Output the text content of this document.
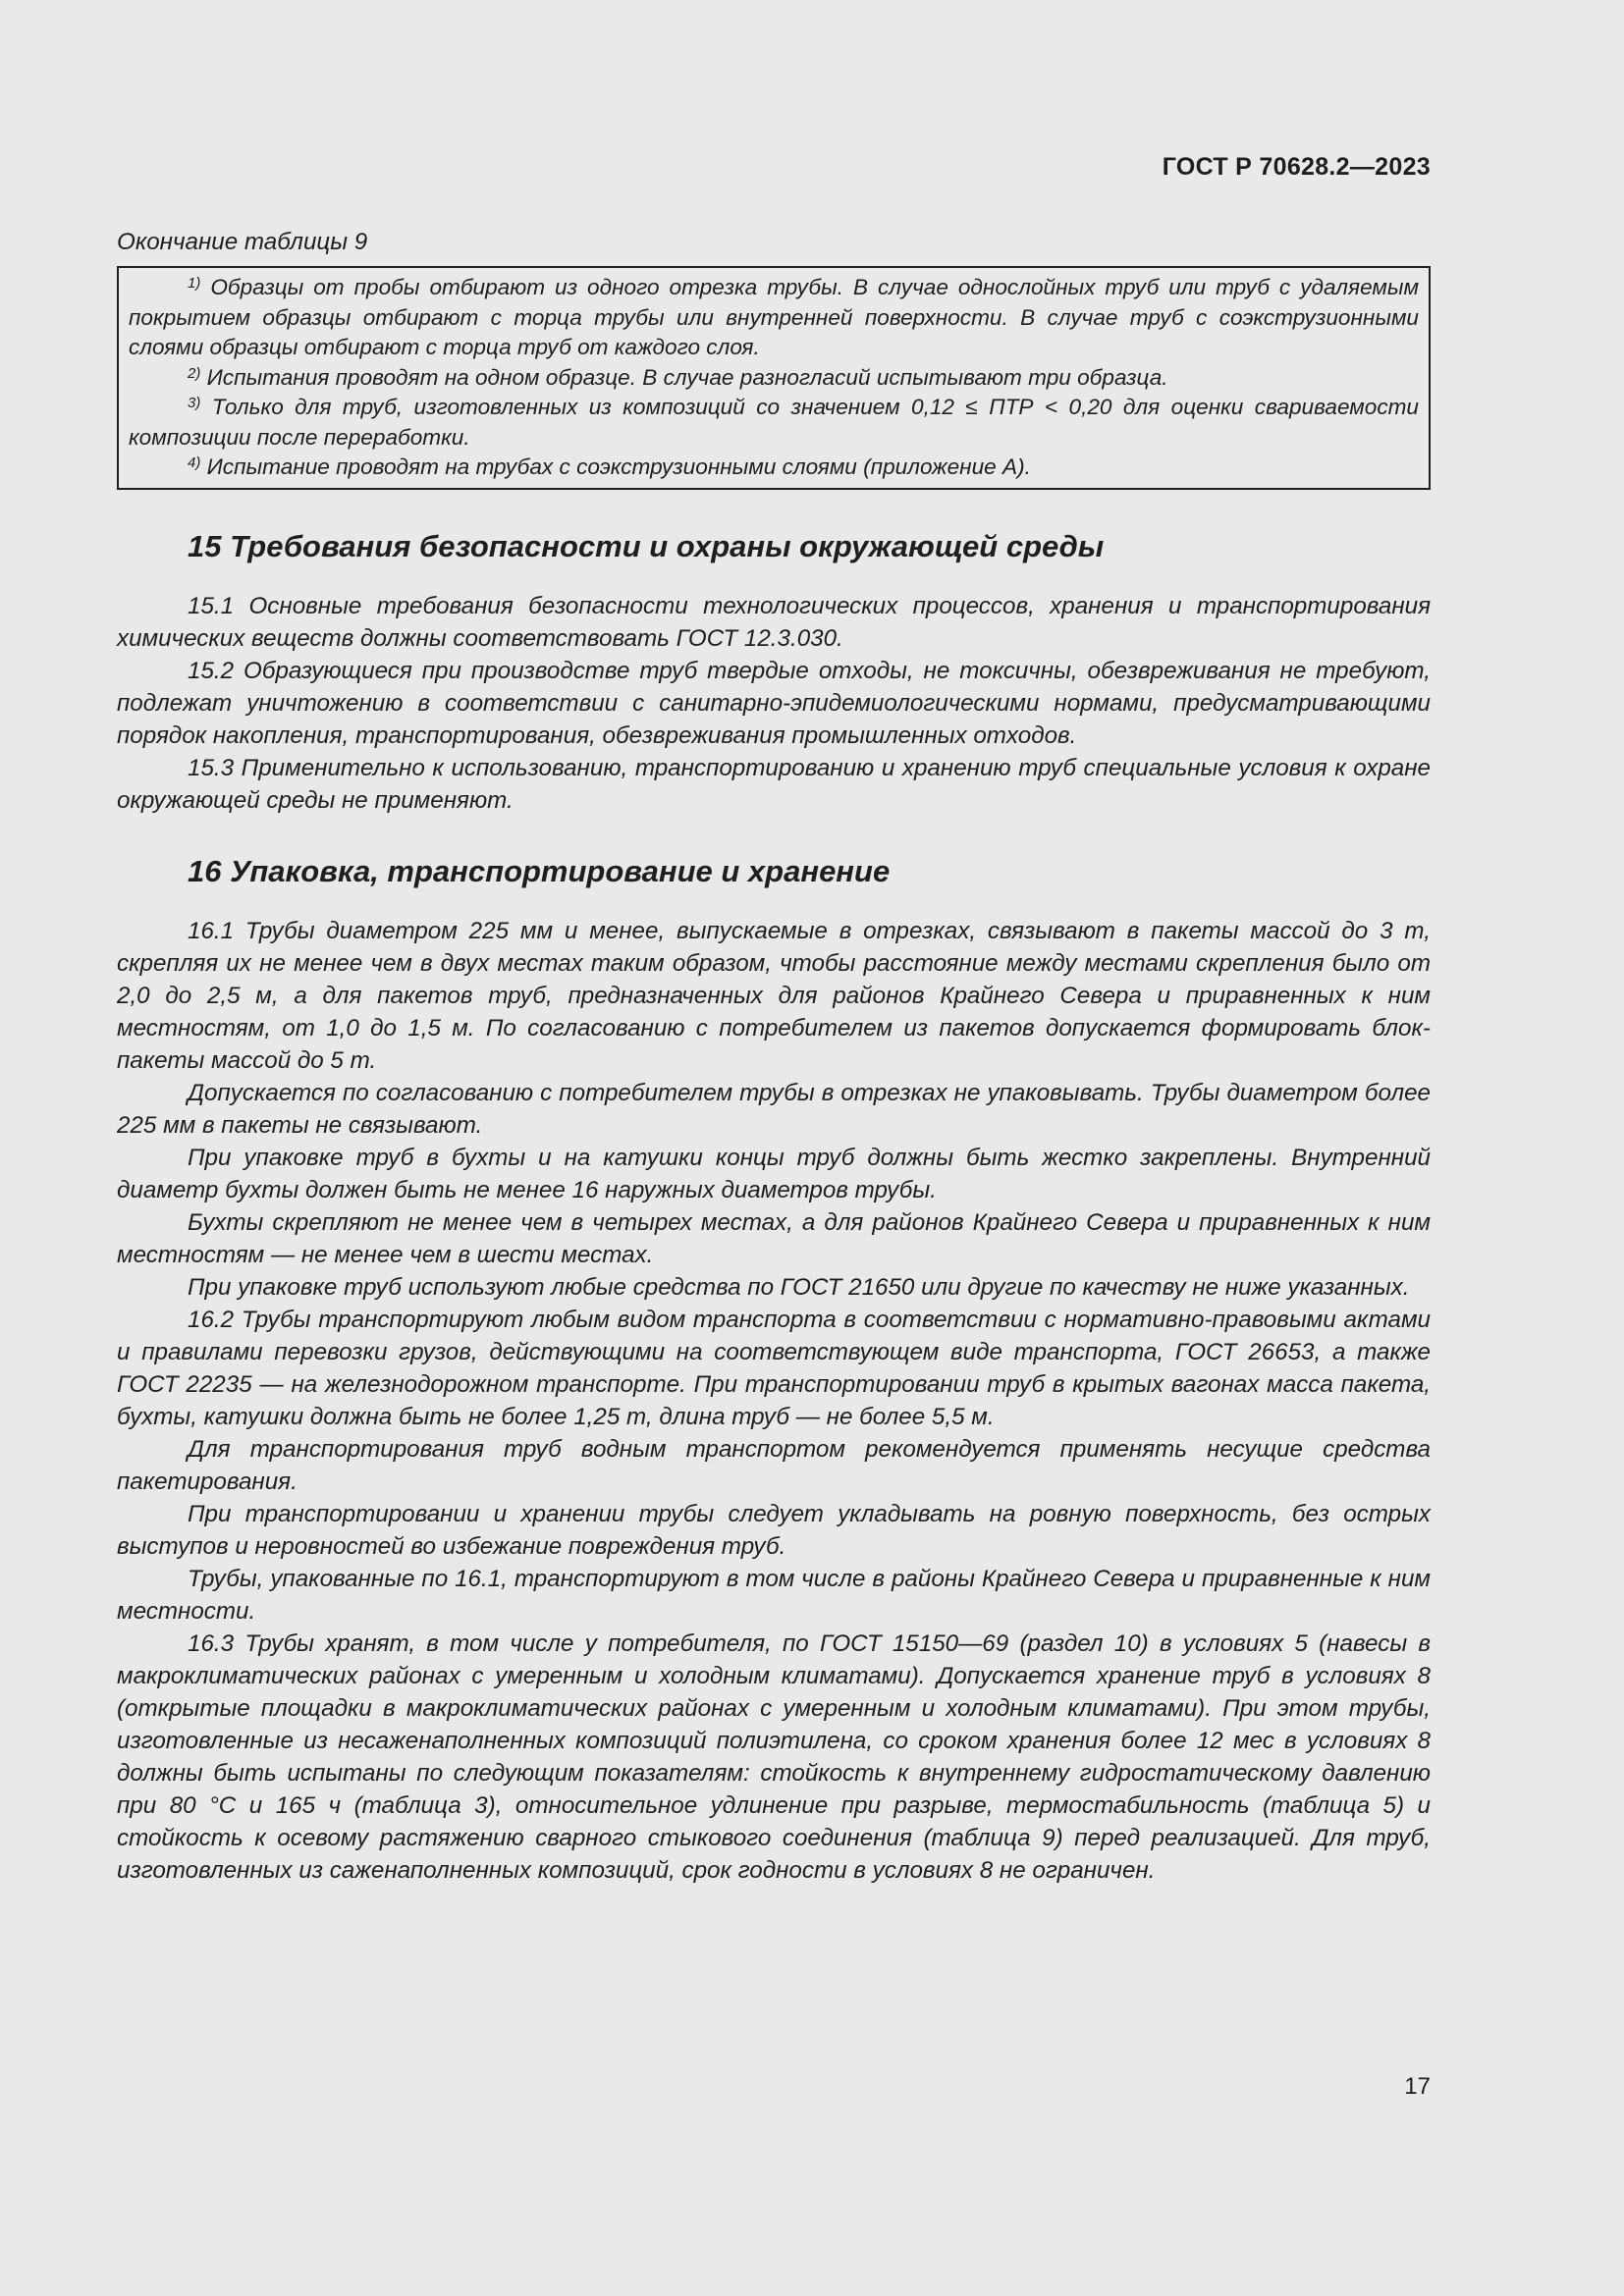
ГОСТ Р 70628.2—2023

Окончание таблицы 9

$^{1)}$ Образцы от пробы отбирают из одного отрезка трубы. В случае однослойных труб или труб с удаляемым покрытием образцы отбирают с торца трубы или внутренней поверхности. В случае труб с соэкструзионными слоями образцы отбирают с торца труб от каждого слоя.

$^{2)}$ Испытания проводят на одном образце. В случае разногласий испытывают три образца.

$^{3)}$ Только для труб, изготовленных из композиций со значением 0,12 ≤ ПТР < 0,20 для оценки свариваемости композиции после переработки.

$^{4)}$ Испытание проводят на трубах с соэкструзионными слоями (приложение А).

15 Требования безопасности и охраны окружающей среды

15.1 Основные требования безопасности технологических процессов, хранения и транспортирования химических веществ должны соответствовать ГОСТ 12.3.030.

15.2 Образующиеся при производстве труб твердые отходы, не токсичны, обезвреживания не требуют, подлежат уничтожению в соответствии с санитарно-эпидемиологическими нормами, предусматривающими порядок накопления, транспортирования, обезвреживания промышленных отходов.

15.3 Применительно к использованию, транспортированию и хранению труб специальные условия к охране окружающей среды не применяют.

16 Упаковка, транспортирование и хранение

16.1 Трубы диаметром 225 мм и менее, выпускаемые в отрезках, связывают в пакеты массой до 3 т, скрепляя их не менее чем в двух местах таким образом, чтобы расстояние между местами скрепления было от 2,0 до 2,5 м, а для пакетов труб, предназначенных для районов Крайнего Севера и приравненных к ним местностям, от 1,0 до 1,5 м. По согласованию с потребителем из пакетов допускается формировать блок-пакеты массой до 5 т.

Допускается по согласованию с потребителем трубы в отрезках не упаковывать. Трубы диаметром более 225 мм в пакеты не связывают.

При упаковке труб в бухты и на катушки концы труб должны быть жестко закреплены. Внутренний диаметр бухты должен быть не менее 16 наружных диаметров трубы.

Бухты скрепляют не менее чем в четырех местах, а для районов Крайнего Севера и приравненных к ним местностям — не менее чем в шести местах.

При упаковке труб используют любые средства по ГОСТ 21650 или другие по качеству не ниже указанных.

16.2 Трубы транспортируют любым видом транспорта в соответствии с нормативно-правовыми актами и правилами перевозки грузов, действующими на соответствующем виде транспорта, ГОСТ 26653, а также ГОСТ 22235 — на железнодорожном транспорте. При транспортировании труб в крытых вагонах масса пакета, бухты, катушки должна быть не более 1,25 т, длина труб — не более 5,5 м.

Для транспортирования труб водным транспортом рекомендуется применять несущие средства пакетирования.

При транспортировании и хранении трубы следует укладывать на ровную поверхность, без острых выступов и неровностей во избежание повреждения труб.

Трубы, упакованные по 16.1, транспортируют в том числе в районы Крайнего Севера и приравненные к ним местности.

16.3 Трубы хранят, в том числе у потребителя, по ГОСТ 15150—69 (раздел 10) в условиях 5 (навесы в макроклиматических районах с умеренным и холодным климатами). Допускается хранение труб в условиях 8 (открытые площадки в макроклиматических районах с умеренным и холодным климатами). При этом трубы, изготовленные из несаженаполненных композиций полиэтилена, со сроком хранения более 12 мес в условиях 8 должны быть испытаны по следующим показателям: стойкость к внутреннему гидростатическому давлению при 80 °С и 165 ч (таблица 3), относительное удлинение при разрыве, термостабильность (таблица 5) и стойкость к осевому растяжению сварного стыкового соединения (таблица 9) перед реализацией. Для труб, изготовленных из саженаполненных композиций, срок годности в условиях 8 не ограничен.

17
